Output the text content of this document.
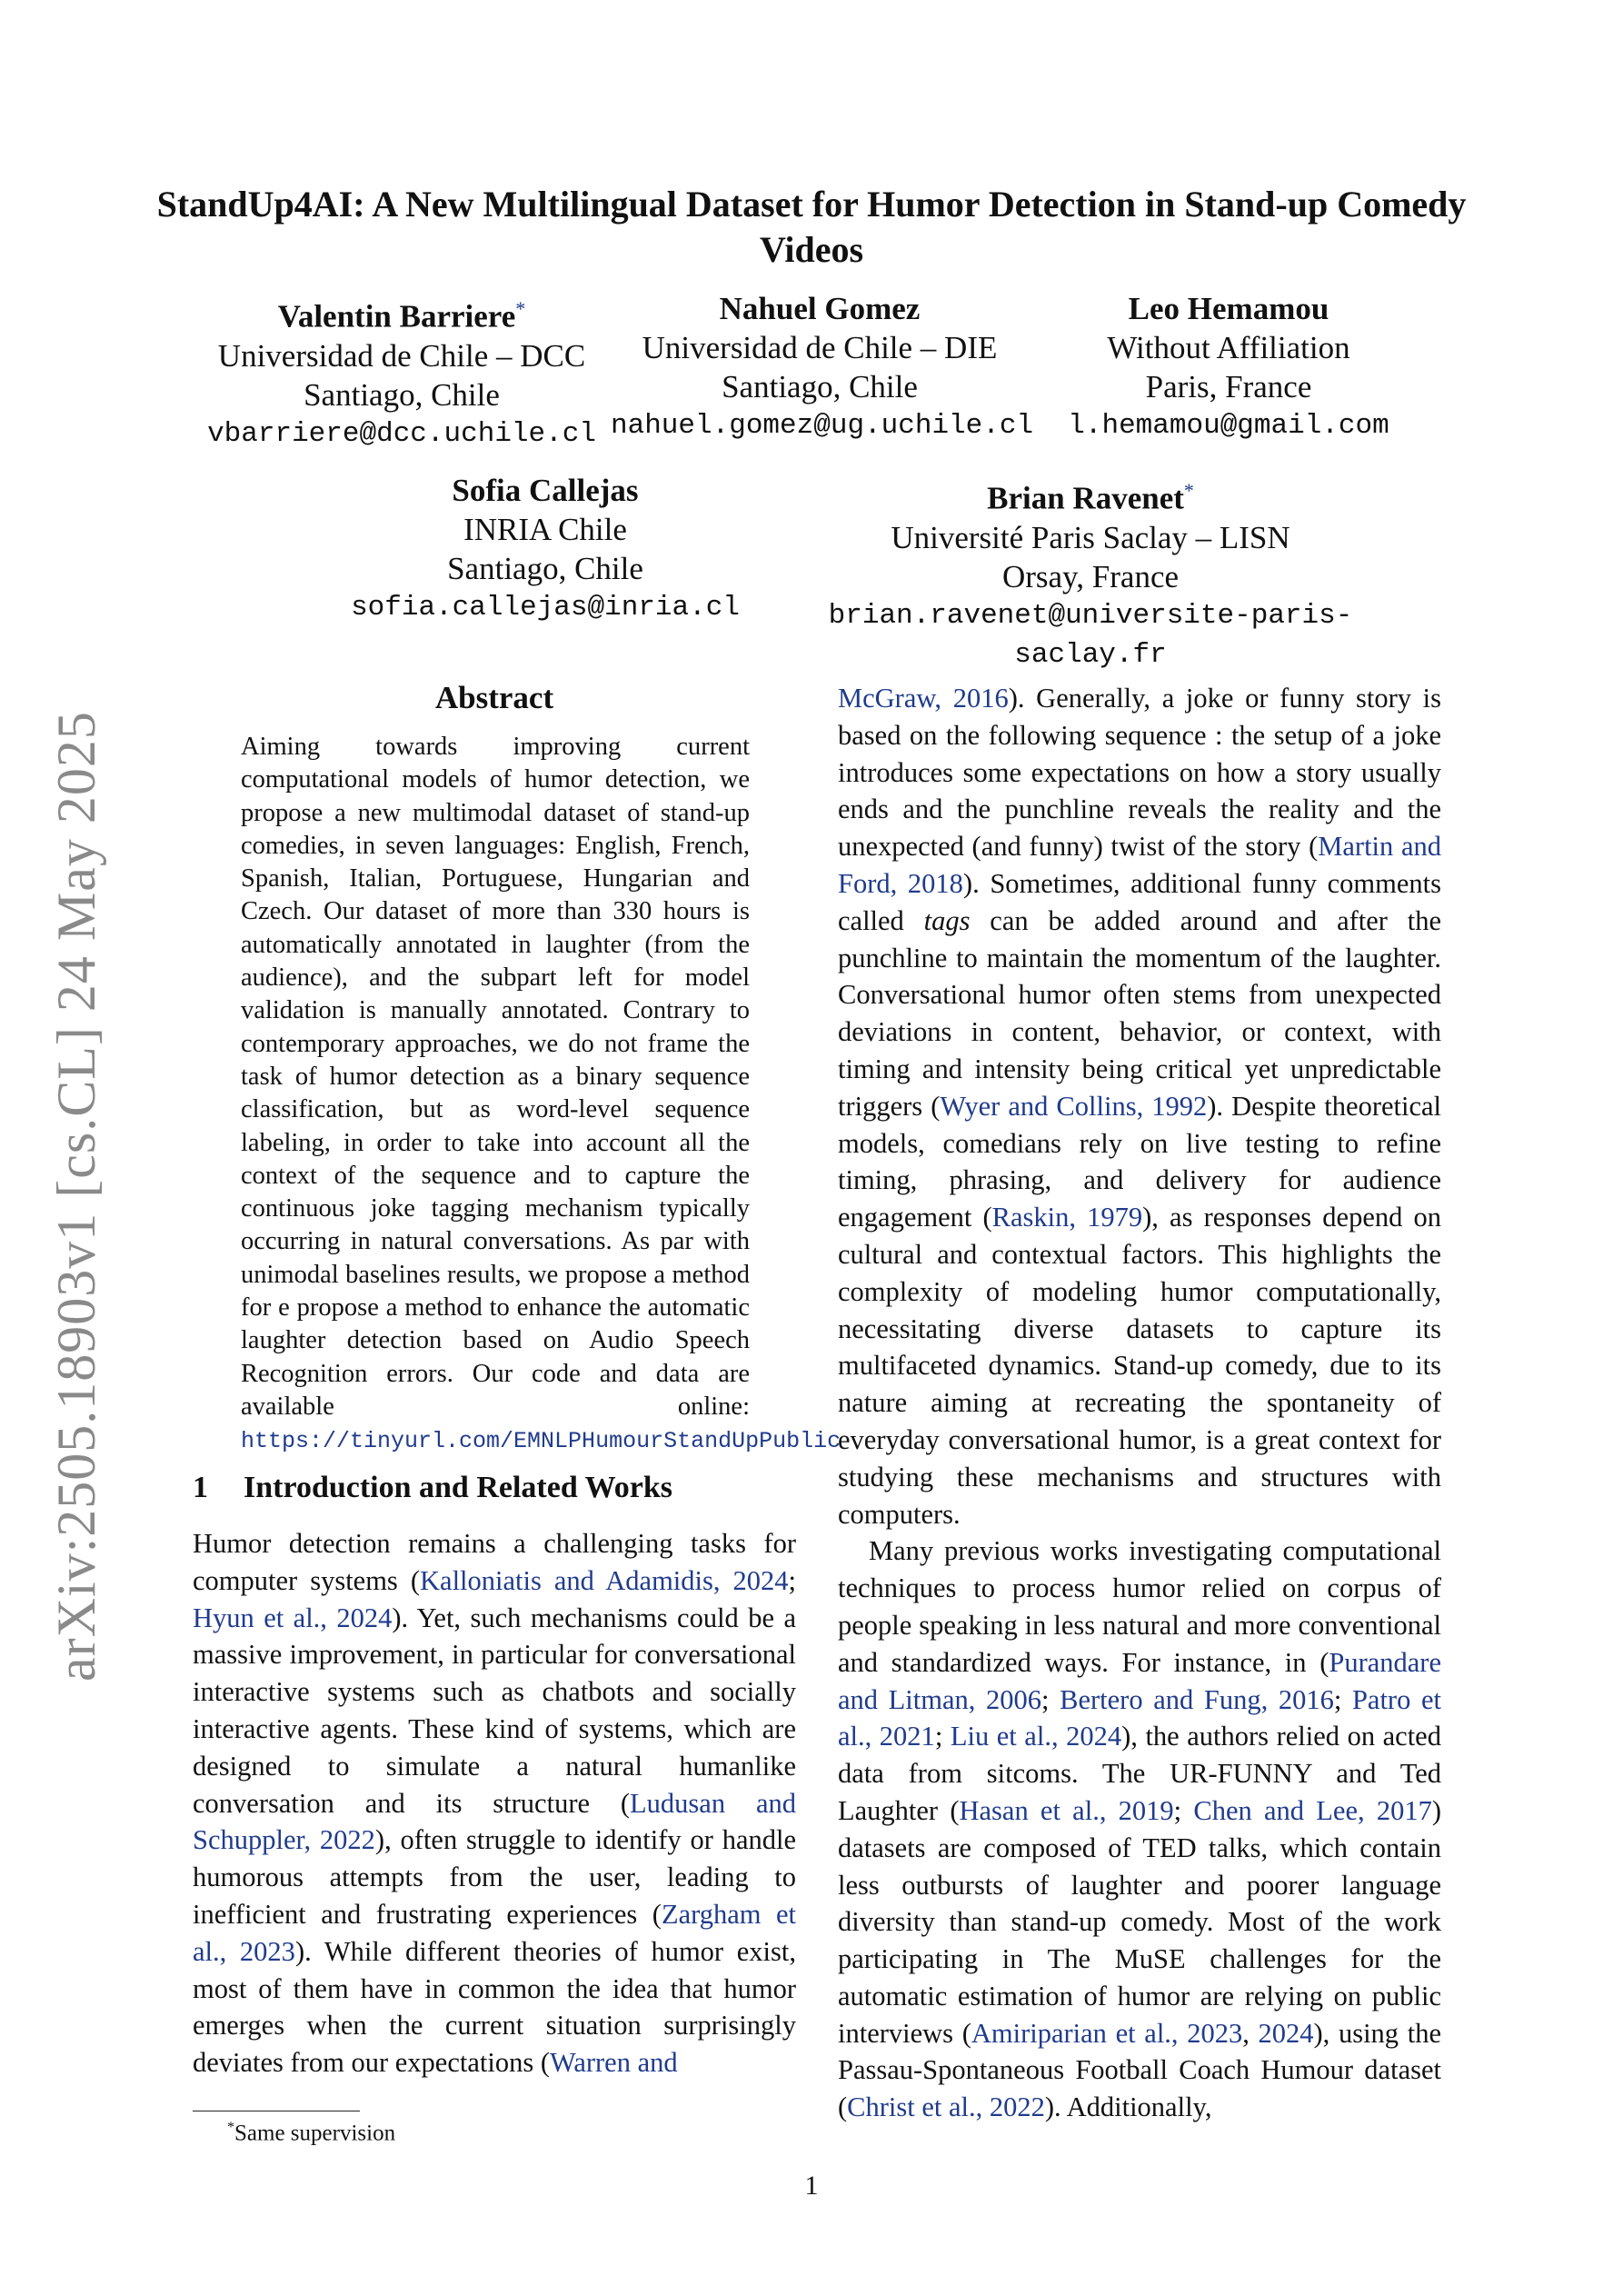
arXiv:2505.18903v1 [cs.CL] 24 May 2025
StandUp4AI: A New Multilingual Dataset for Humor Detection in Stand-up Comedy Videos
Valentin Barriere*
Universidad de Chile – DCC
Santiago, Chile
vbarriere@dcc.uchile.cl
Nahuel Gomez
Universidad de Chile – DIE
Santiago, Chile
nahuel.gomez@ug.uchile.cl
Leo Hemamou
Without Affiliation
Paris, France
l.hemamou@gmail.com
Sofia Callejas
INRIA Chile
Santiago, Chile
sofia.callejas@inria.cl
Brian Ravenet*
Université Paris Saclay – LISN
Orsay, France
brian.ravenet@universite-paris-saclay.fr
Abstract
Aiming towards improving current computational models of humor detection, we propose a new multimodal dataset of stand-up comedies, in seven languages: English, French, Spanish, Italian, Portuguese, Hungarian and Czech. Our dataset of more than 330 hours is automatically annotated in laughter (from the audience), and the subpart left for model validation is manually annotated. Contrary to contemporary approaches, we do not frame the task of humor detection as a binary sequence classification, but as word-level sequence labeling, in order to take into account all the context of the sequence and to capture the continuous joke tagging mechanism typically occurring in natural conversations. As par with unimodal baselines results, we propose a method for e propose a method to enhance the automatic laughter detection based on Audio Speech Recognition errors. Our code and data are available online: https://tinyurl.com/EMNLPHumourStandUpPublic
1 Introduction and Related Works
Humor detection remains a challenging tasks for computer systems (Kalloniatis and Adamidis, 2024; Hyun et al., 2024). Yet, such mechanisms could be a massive improvement, in particular for conversational interactive systems such as chatbots and socially interactive agents. These kind of systems, which are designed to simulate a natural humanlike conversation and its structure (Ludusan and Schuppler, 2022), often struggle to identify or handle humorous attempts from the user, leading to inefficient and frustrating experiences (Zargham et al., 2023). While different theories of humor exist, most of them have in common the idea that humor emerges when the current situation surprisingly deviates from our expectations (Warren and
*Same supervision

McGraw, 2016). Generally, a joke or funny story is based on the following sequence : the setup of a joke introduces some expectations on how a story usually ends and the punchline reveals the reality and the unexpected (and funny) twist of the story (Martin and Ford, 2018). Sometimes, additional funny comments called tags can be added around and after the punchline to maintain the momentum of the laughter. Conversational humor often stems from unexpected deviations in content, behavior, or context, with timing and intensity being critical yet unpredictable triggers (Wyer and Collins, 1992). Despite theoretical models, comedians rely on live testing to refine timing, phrasing, and delivery for audience engagement (Raskin, 1979), as responses depend on cultural and contextual factors. This highlights the complexity of modeling humor computationally, necessitating diverse datasets to capture its multifaceted dynamics. Stand-up comedy, due to its nature aiming at recreating the spontaneity of everyday conversational humor, is a great context for studying these mechanisms and structures with computers.

Many previous works investigating computational techniques to process humor relied on corpus of people speaking in less natural and more conventional and standardized ways. For instance, in (Purandare and Litman, 2006; Bertero and Fung, 2016; Patro et al., 2021; Liu et al., 2024), the authors relied on acted data from sitcoms. The UR-FUNNY and Ted Laughter (Hasan et al., 2019; Chen and Lee, 2017) datasets are composed of TED talks, which contain less outbursts of laughter and poorer language diversity than stand-up comedy. Most of the work participating in The MuSE challenges for the automatic estimation of humor are relying on public interviews (Amiriparian et al., 2023, 2024), using the Passau-Spontaneous Football Coach Humour dataset (Christ et al., 2022). Additionally,

1
